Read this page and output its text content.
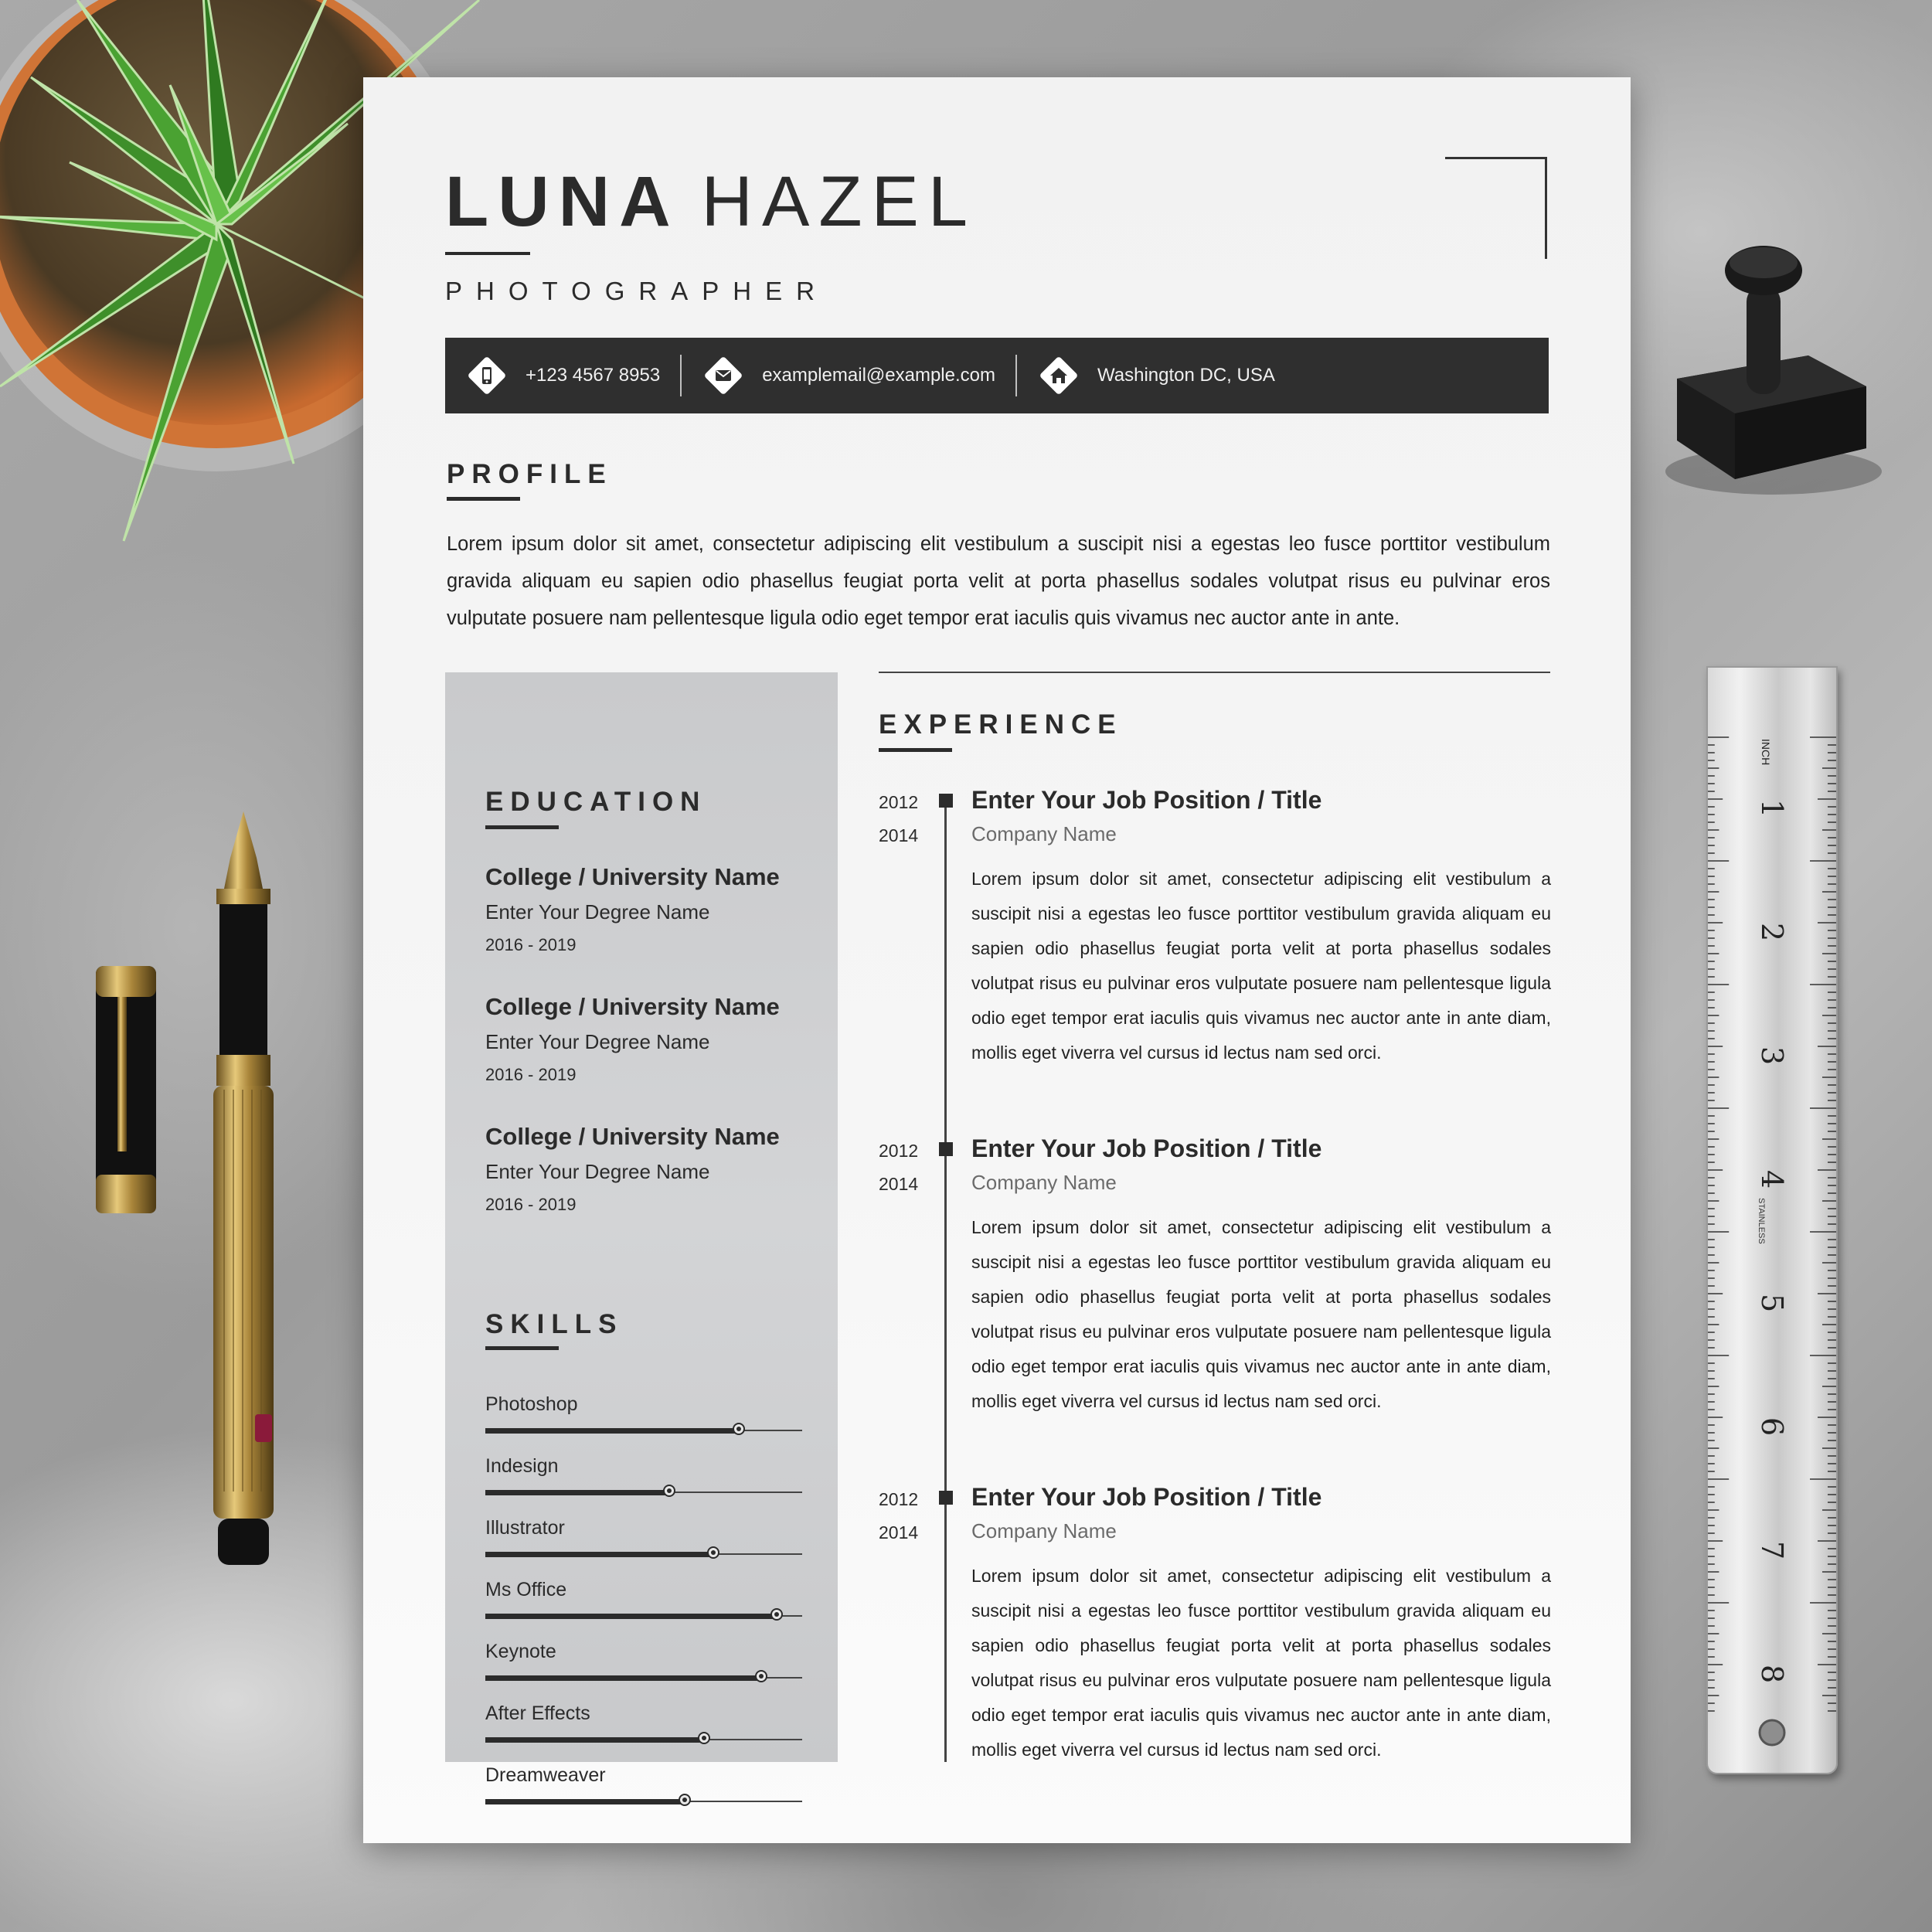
1
2
3
4
5
6
7
8
INCH
STAINLESS
LUNA HAZEL
PHOTOGRAPHER
+123 4567 8953	examplemail@example.com	Washington DC, USA
PROFILE
Lorem ipsum dolor sit amet, consectetur adipiscing elit vestibulum a suscipit nisi a egestas leo fusce porttitor vestibulum gravida aliquam eu sapien odio phasellus feugiat porta velit at porta phasellus sodales volutpat risus eu pulvinar eros vulputate posuere nam pellentesque ligula odio eget tempor erat iaculis quis vivamus nec auctor ante in ante.
EDUCATION
College / University Name
Enter Your Degree Name
2016 - 2019
College / University Name
Enter Your Degree Name
2016 - 2019
College / University Name
Enter Your Degree Name
2016 - 2019
SKILLS
Photoshop
Indesign
Illustrator
Ms Office
Keynote
After Effects
Dreamweaver
EXPERIENCE
2012
2014
Enter Your Job Position / Title
Company Name
Lorem ipsum dolor sit amet, consectetur adipiscing elit vestibulum a suscipit nisi a egestas leo fusce porttitor vestibulum gravida aliquam eu sapien odio phasellus feugiat porta velit at porta phasellus sodales volutpat risus eu pulvinar eros vulputate posuere nam pellentesque ligula odio eget tempor erat iaculis quis vivamus nec auctor ante in ante diam, mollis eget viverra vel cursus id lectus nam sed orci.
2012
2014
Enter Your Job Position / Title
Company Name
Lorem ipsum dolor sit amet, consectetur adipiscing elit vestibulum a suscipit nisi a egestas leo fusce porttitor vestibulum gravida aliquam eu sapien odio phasellus feugiat porta velit at porta phasellus sodales volutpat risus eu pulvinar eros vulputate posuere nam pellentesque ligula odio eget tempor erat iaculis quis vivamus nec auctor ante in ante diam, mollis eget viverra vel cursus id lectus nam sed orci.
2012
2014
Enter Your Job Position / Title
Company Name
Lorem ipsum dolor sit amet, consectetur adipiscing elit vestibulum a suscipit nisi a egestas leo fusce porttitor vestibulum gravida aliquam eu sapien odio phasellus feugiat porta velit at porta phasellus sodales volutpat risus eu pulvinar eros vulputate posuere nam pellentesque ligula odio eget tempor erat iaculis quis vivamus nec auctor ante in ante diam, mollis eget viverra vel cursus id lectus nam sed orci.
